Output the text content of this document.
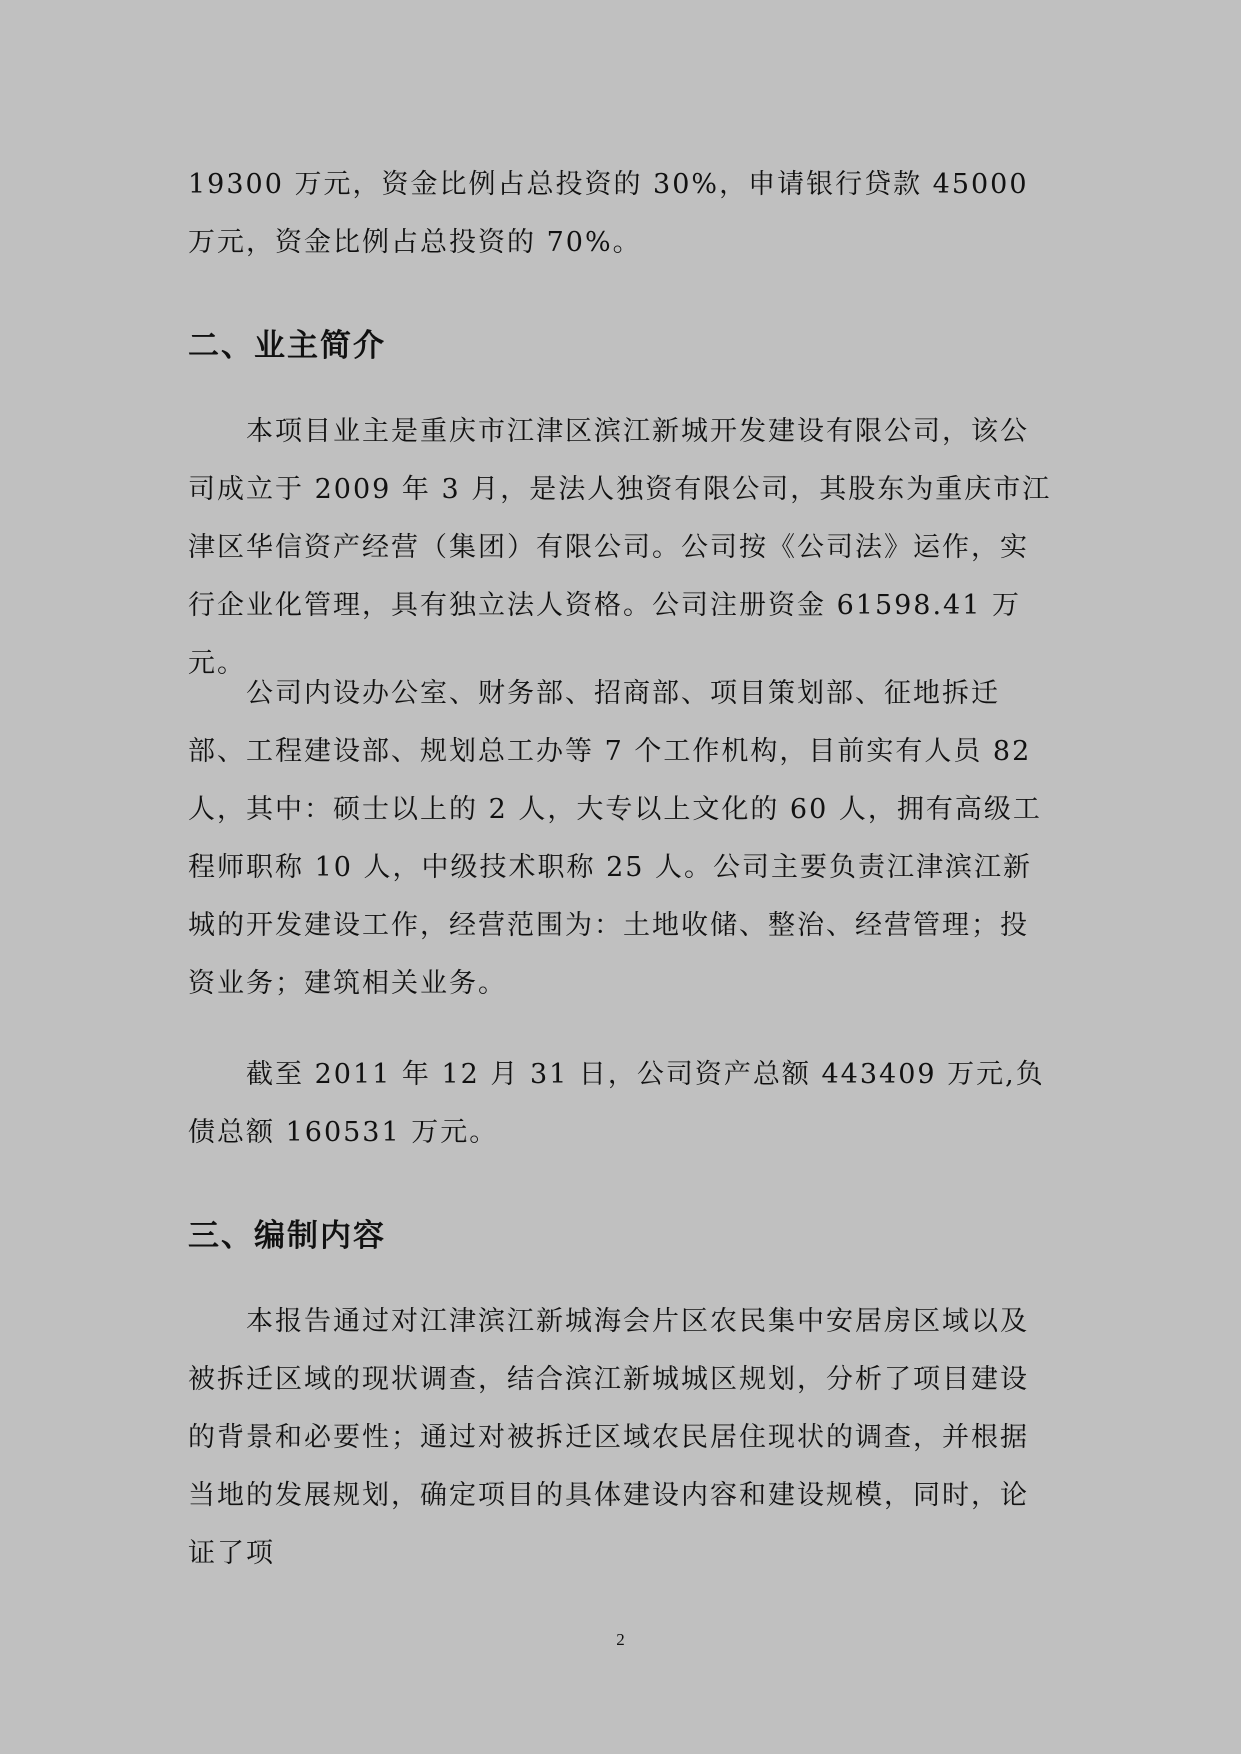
19300 万元，资金比例占总投资的 30%，申请银行贷款 45000 万元，资金比例占总投资的 70%。

二、业主简介

本项目业主是重庆市江津区滨江新城开发建设有限公司，该公司成立于 2009 年 3 月，是法人独资有限公司，其股东为重庆市江津区华信资产经营（集团）有限公司。公司按《公司法》运作，实行企业化管理，具有独立法人资格。公司注册资金 61598.41 万元。

公司内设办公室、财务部、招商部、项目策划部、征地拆迁部、工程建设部、规划总工办等 7 个工作机构，目前实有人员 82 人，其中：硕士以上的 2 人，大专以上文化的 60 人，拥有高级工程师职称 10 人，中级技术职称 25 人。公司主要负责江津滨江新城的开发建设工作，经营范围为：土地收储、整治、经营管理；投资业务；建筑相关业务。

截至 2011 年 12 月 31 日，公司资产总额 443409 万元,负债总额 160531 万元。

三、编制内容

本报告通过对江津滨江新城海会片区农民集中安居房区域以及被拆迁区域的现状调查，结合滨江新城城区规划，分析了项目建设的背景和必要性；通过对被拆迁区域农民居住现状的调查，并根据当地的发展规划，确定项目的具体建设内容和建设规模，同时，论证了项

2
